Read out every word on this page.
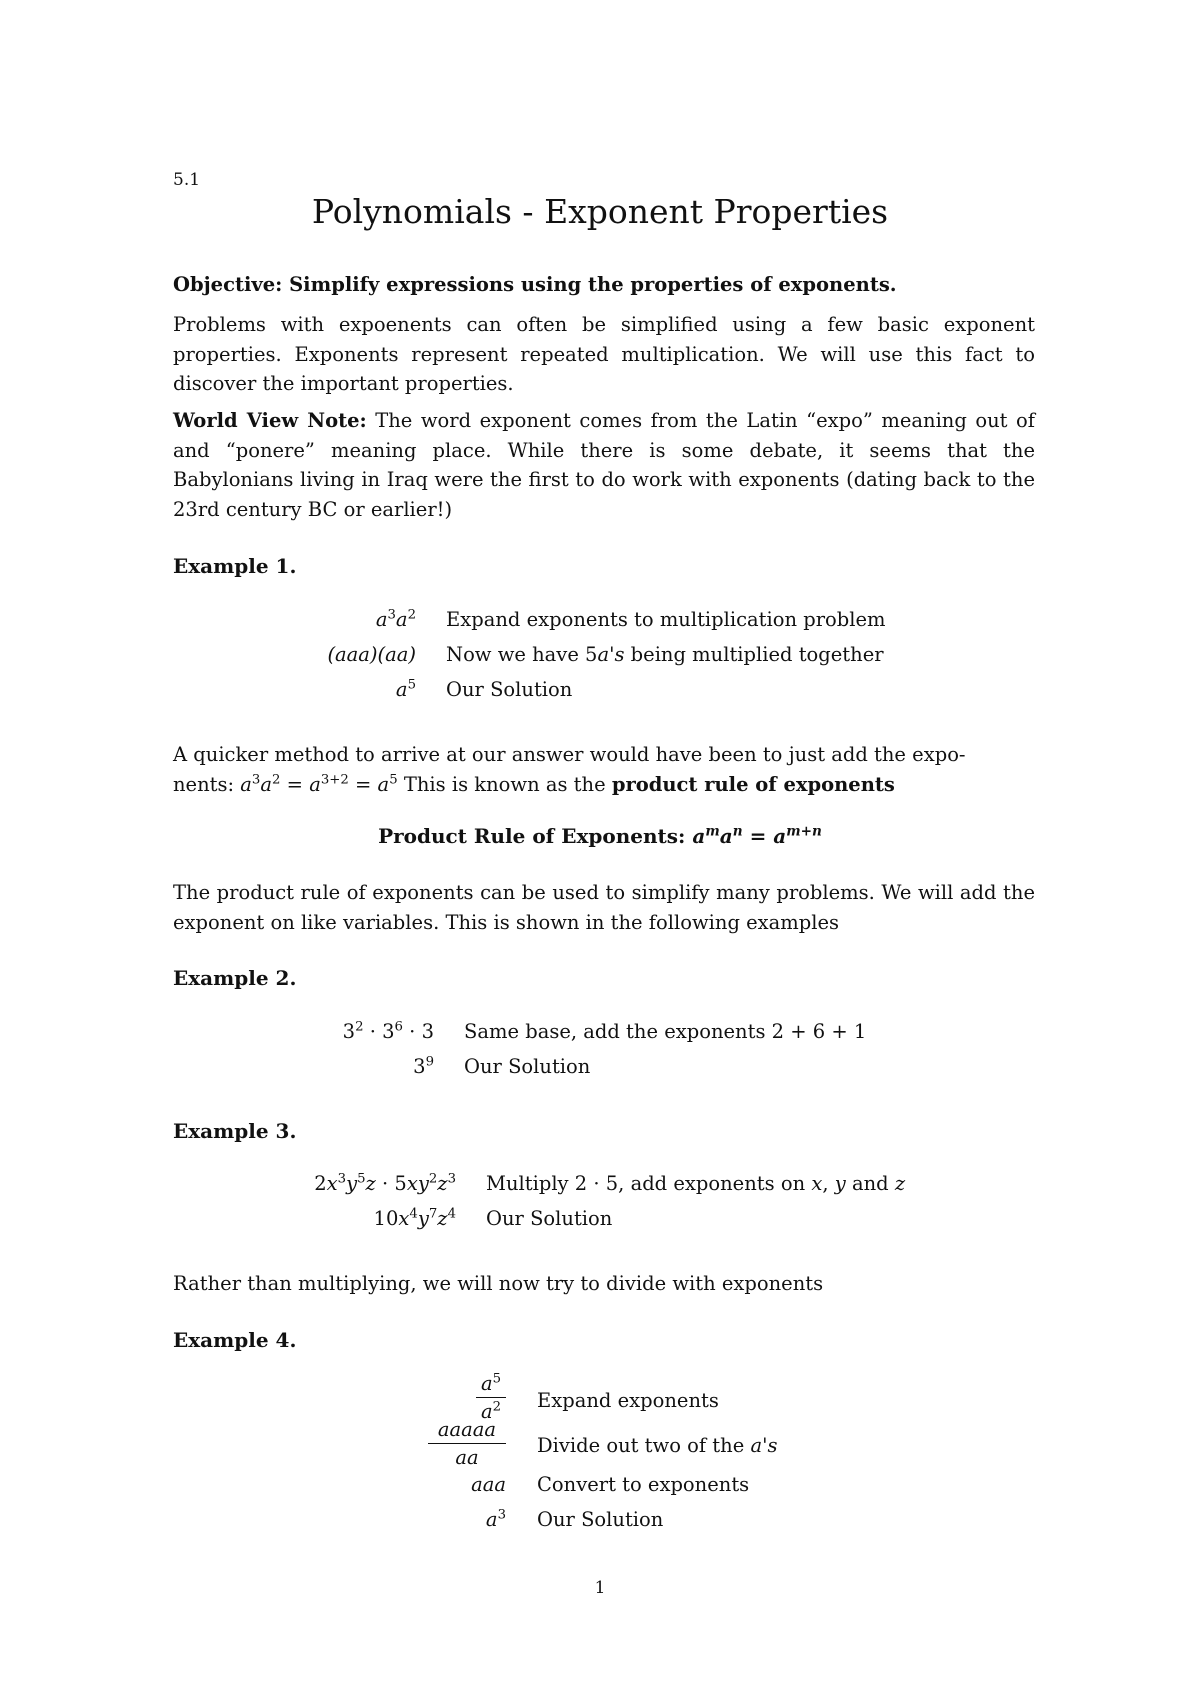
5.1
Polynomials - Exponent Properties

Objective: Simplify expressions using the properties of exponents.

Problems with expoenents can often be simplified using a few basic exponent properties. Exponents represent repeated multiplication. We will use this fact to discover the important properties.

World View Note: The word exponent comes from the Latin “expo” meaning out of and “ponere” meaning place. While there is some debate, it seems that the Babylonians living in Iraq were the first to do work with exponents (dating back to the 23rd century BC or earlier!)

Example 1.
$a^3a^2$ Expand exponents to multiplication problem
(aaa)(aa) Now we have 5a's being multiplied together
$a^5$ Our Solution

A quicker method to arrive at our answer would have been to just add the expo-
nents: $a^3a^2 = a^{3+2} = a^5$ This is known as the product rule of exponents

Product Rule of Exponents: $a^ma^n = a^{m+n}$

The product rule of exponents can be used to simplify many problems. We will add the exponent on like variables. This is shown in the following examples

Example 2.
$3^2 \cdot 3^6 \cdot 3$ Same base, add the exponents 2 + 6 + 1
$3^9$ Our Solution
Example 3.
$2x^3y^5z \cdot 5xy^2z^3$ Multiply 2 · 5, add exponents on x, y and z
$10x^4y^7z^4$ Our Solution

Rather than multiplying, we will now try to divide with exponents

Example 4.
$\frac{a^5}{a^2}$ Expand exponents
aaaaa
aa
Divide out two of the a's
aaa Convert to exponents
$a^3$ Our Solution
1
